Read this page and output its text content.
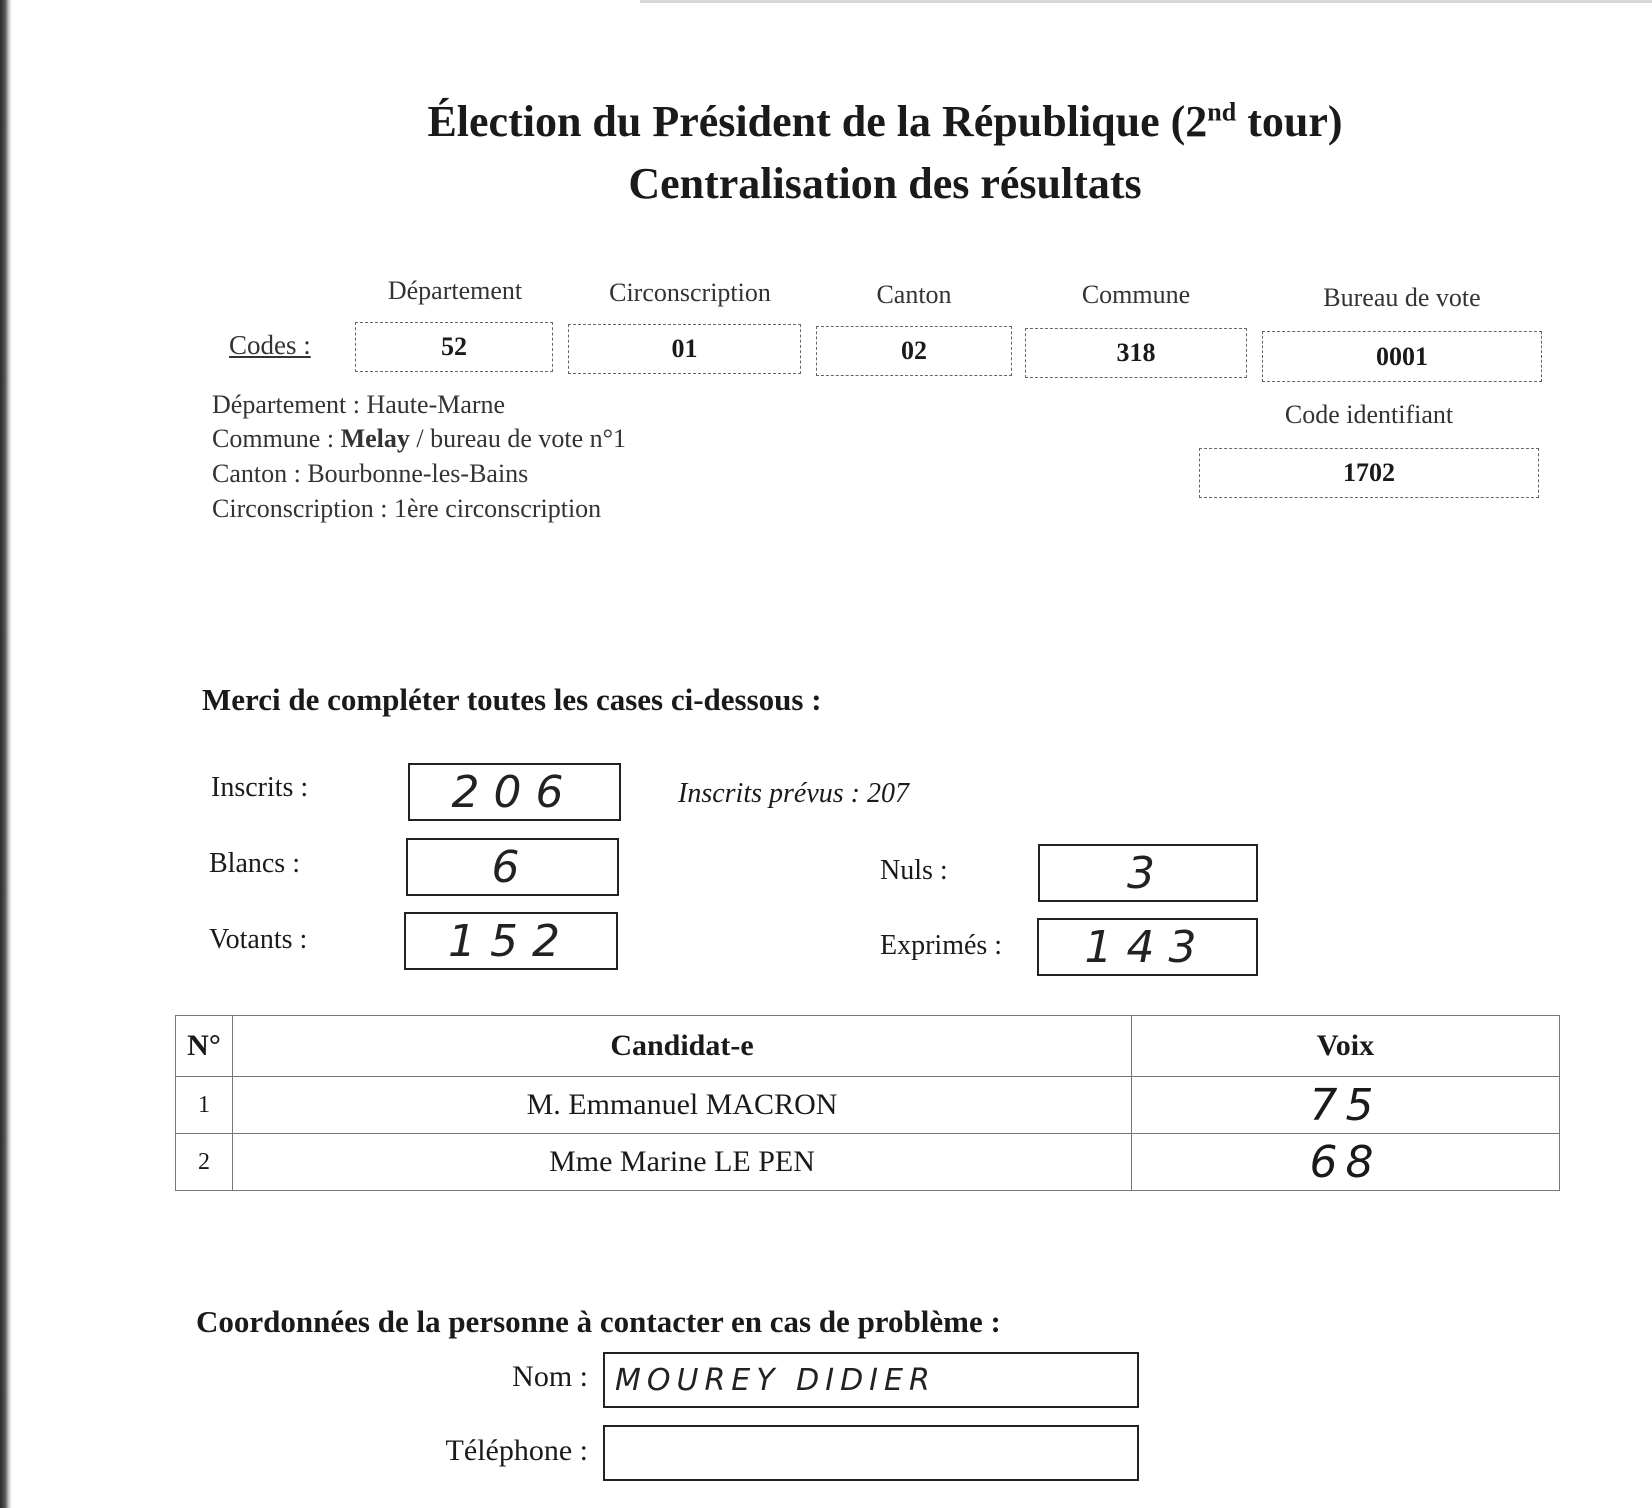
Élection du Président de la République (2nd tour)
Centralisation des résultats
Département	Circonscription	Canton	Commune	Bureau de vote
Codes :	52	01	02	318	0001
Département : Haute-Marne
Commune : Melay / bureau de vote n°1
Canton : Bourbonne-les-Bains
Circonscription : 1ère circonscription
Code identifiant
1702
Merci de compléter toutes les cases ci-dessous :
Inscrits :	206	Inscrits prévus : 207
Blancs :	6	Nuls :	3
Votants :	152	Exprimés :	143
N°	Candidat-e	Voix
1	M. Emmanuel MACRON	75
2	Mme Marine LE PEN	68
Coordonnées de la personne à contacter en cas de problème :
Nom : MOUREY DIDIER
Téléphone :
